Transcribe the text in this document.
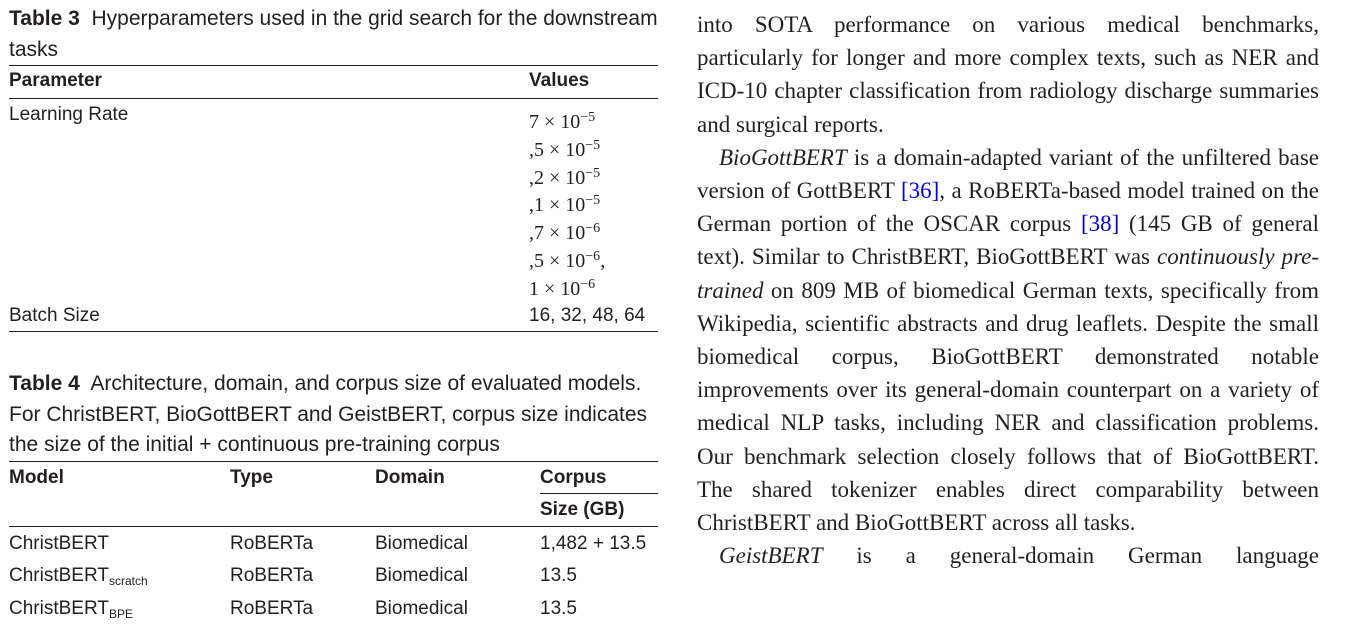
Table 3 Hyperparameters used in the grid search for the downstream tasks

Parameter	Values
Learning Rate	$7 \times 10^{-5}$
$,5 \times 10^{-5}$
$,2 \times 10^{-5}$
$,1 \times 10^{-5}$
$,7 \times 10^{-6}$
$,5 \times 10^{-6}$,
$1 \times 10^{-6}$
Batch Size	16, 32, 48, 64

Table 4 Architecture, domain, and corpus size of evaluated models. For ChristBERT, BioGottBERT and GeistBERT, corpus size indicates the size of the initial + continuous pre-training corpus

Model	Type	Domain	Corpus
Size (GB)
ChristBERT	RoBERTa	Biomedical	1,482 + 13.5
ChristBERT$_{scratch}$	RoBERTa	Biomedical	13.5
ChristBERT$_{BPE}$	RoBERTa	Biomedical	13.5

into SOTA performance on various medical benchmarks, particularly for longer and more complex texts, such as NER and ICD-10 chapter classification from radiology discharge summaries and surgical reports.

BioGottBERT is a domain-adapted variant of the unfiltered base version of GottBERT [36], a RoBERTa-based model trained on the German portion of the OSCAR corpus [38] (145 GB of general text). Similar to ChristBERT, BioGottBERT was continuously pre-trained on 809 MB of biomedical German texts, specifically from Wikipedia, scientific abstracts and drug leaflets. Despite the small biomedical corpus, BioGottBERT demonstrated notable improvements over its general-domain counterpart on a variety of medical NLP tasks, including NER and classification problems. Our benchmark selection closely follows that of BioGottBERT. The shared tokenizer enables direct comparability between ChristBERT and BioGottBERT across all tasks.

GeistBERT is a general-domain German language
